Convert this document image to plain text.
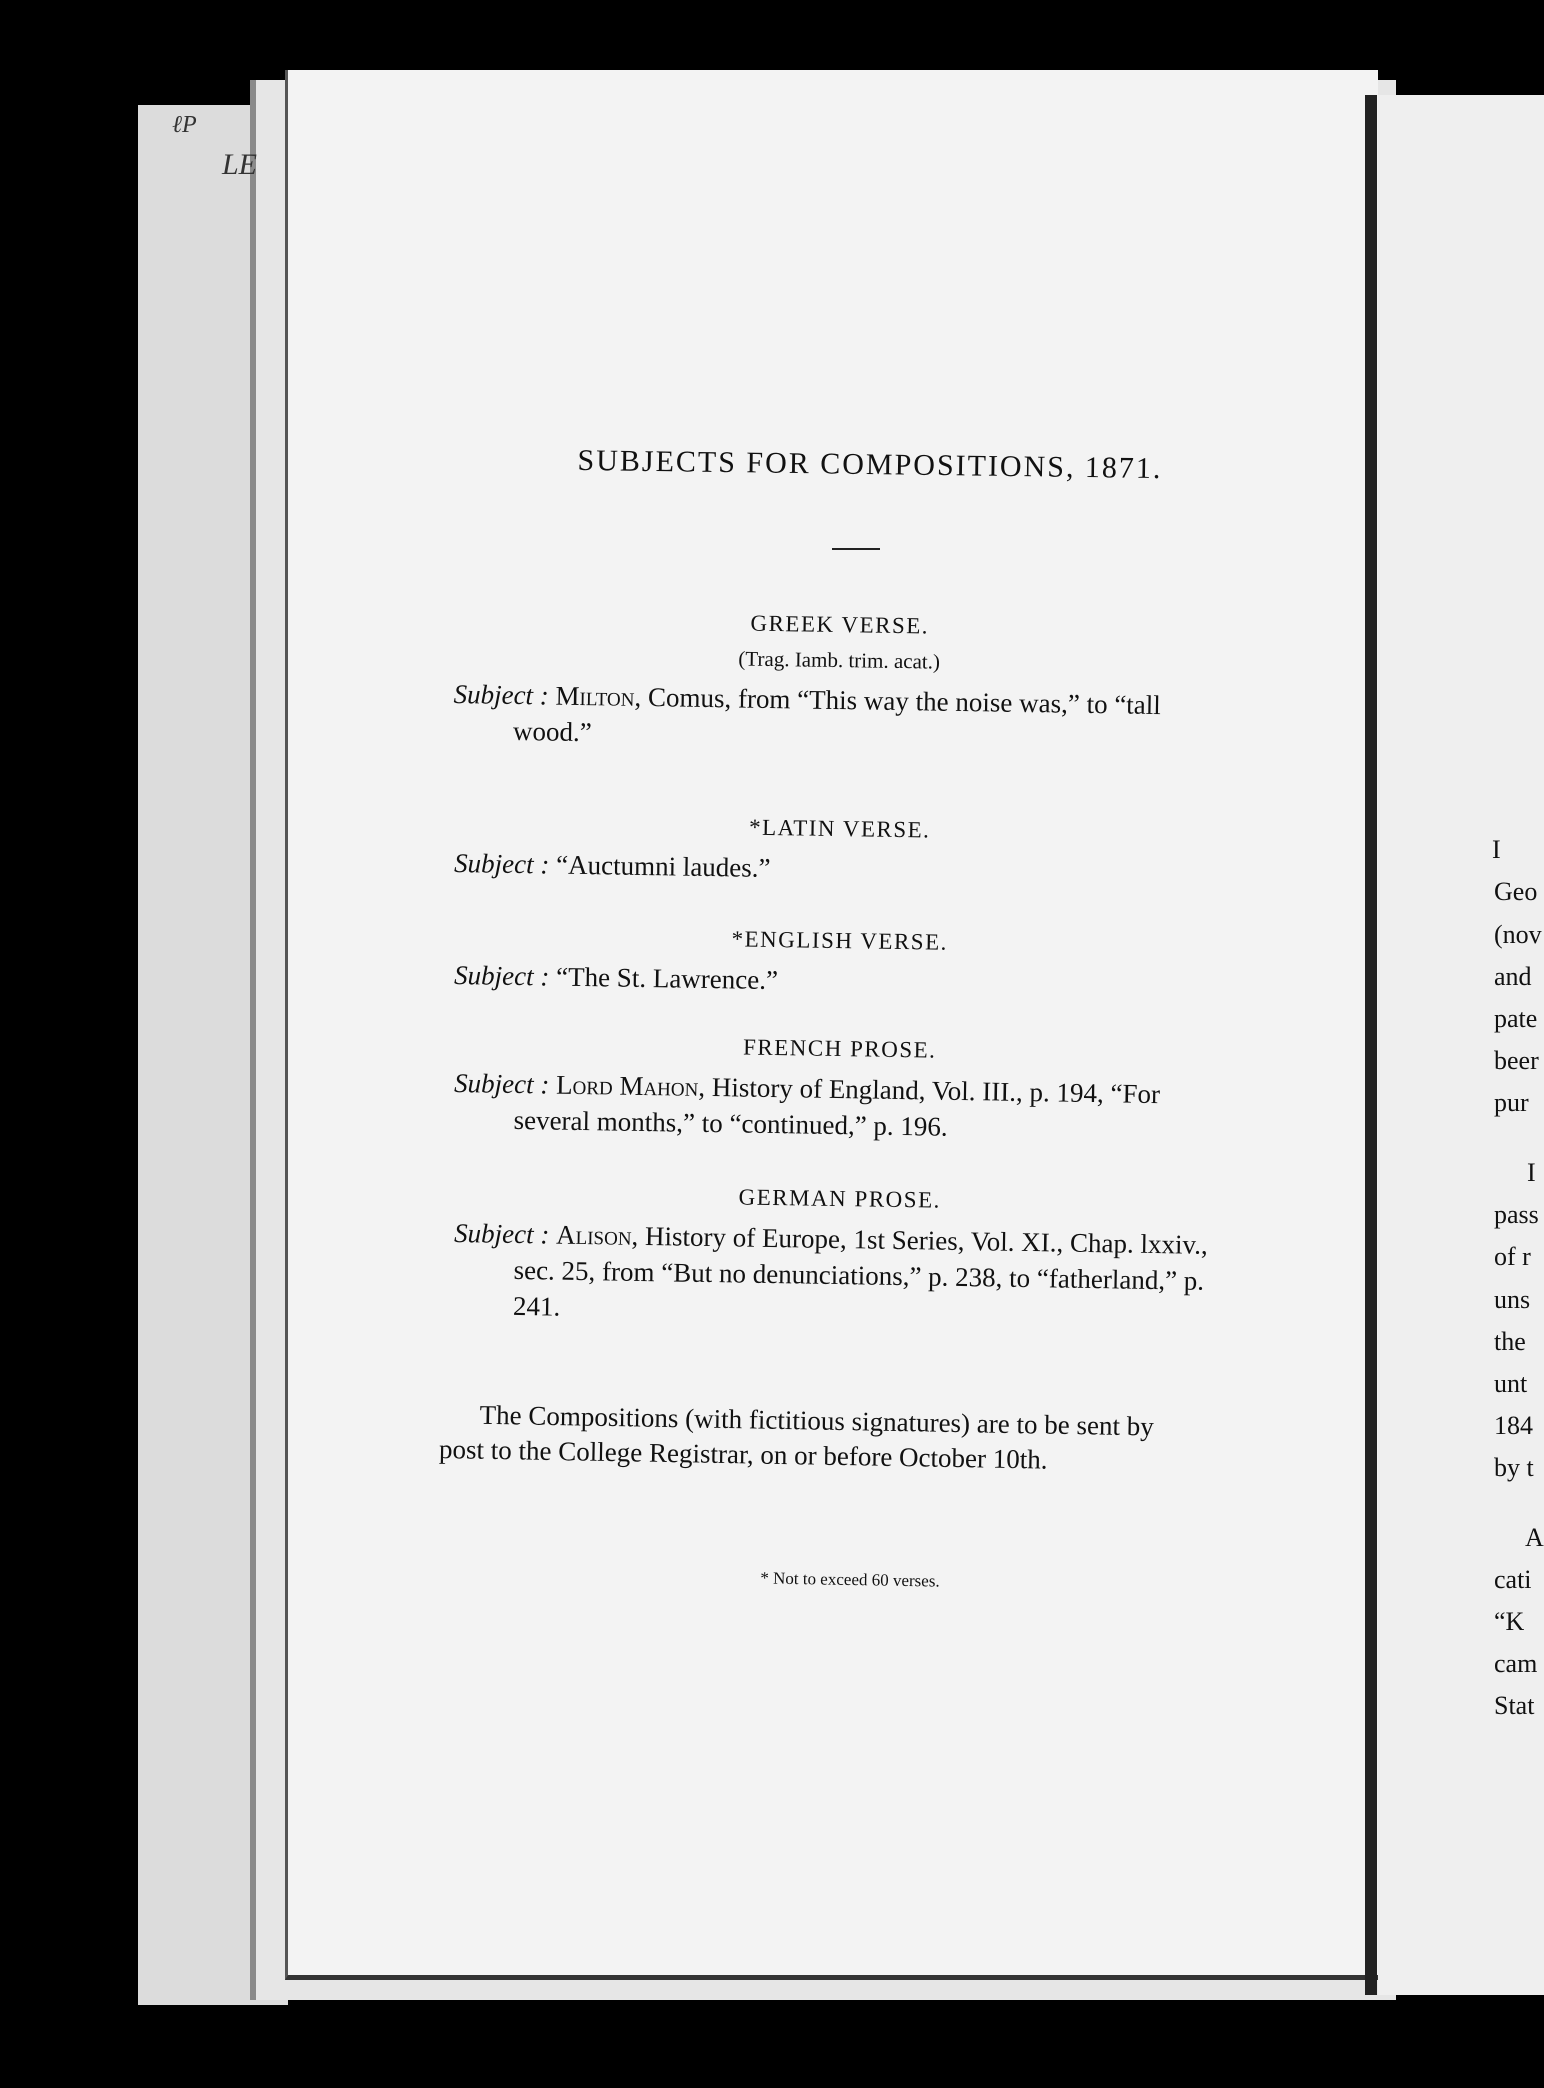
LE
ℓP
SUBJECTS FOR COMPOSITIONS, 1871.

GREEK VERSE.

(Trag. Iamb. trim. acat.)

Subject : Milton, Comus, from “This way the noise was,” to “tall wood.”

*LATIN VERSE.

Subject : “Auctumni laudes.”

*ENGLISH VERSE.

Subject : “The St. Lawrence.”

FRENCH PROSE.

Subject : Lord Mahon, History of England, Vol. III., p. 194, “For several months,” to “continued,” p. 196.

GERMAN PROSE.

Subject : Alison, History of Europe, 1st Series, Vol. XI., Chap. lxxiv., sec. 25, from “But no denunciations,” p. 238, to “fatherland,” p. 241.

The Compositions (with fictitious signatures) are to be sent by post to the College Registrar, on or before October 10th.

* Not to exceed 60 verses.
I
Geo
(nov
and
pate
beer
pur
I
pass
of r
uns
the
unt
184
by t
A
cati
“K
cam
Stat
